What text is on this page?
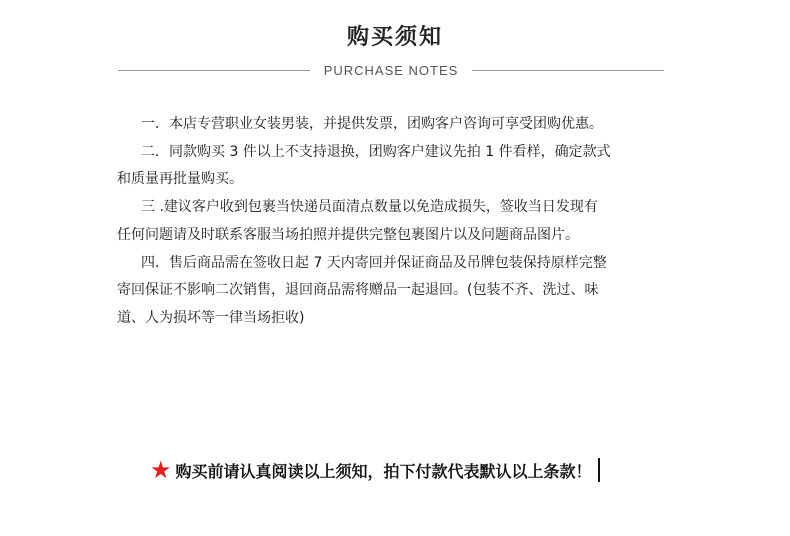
购买须知
PURCHASE NOTES
一．本店专营职业女装男装，并提供发票，团购客户咨询可享受团购优惠。
二．同款购买 3 件以上不支持退换，团购客户建议先拍 1 件看样，确定款式
和质量再批量购买。
三 .建议客户收到包裹当快递员面清点数量以免造成损失，签收当日发现有
任何问题请及时联系客服当场拍照并提供完整包裹图片以及问题商品图片。
四．售后商品需在签收日起 7 天内寄回并保证商品及吊牌包装保持原样完整
寄回保证不影响二次销售，退回商品需将赠品一起退回。(包装不齐、洗过、味
道、人为损坏等一律当场拒收)
★ 购买前请认真阅读以上须知，拍下付款代表默认以上条款！
